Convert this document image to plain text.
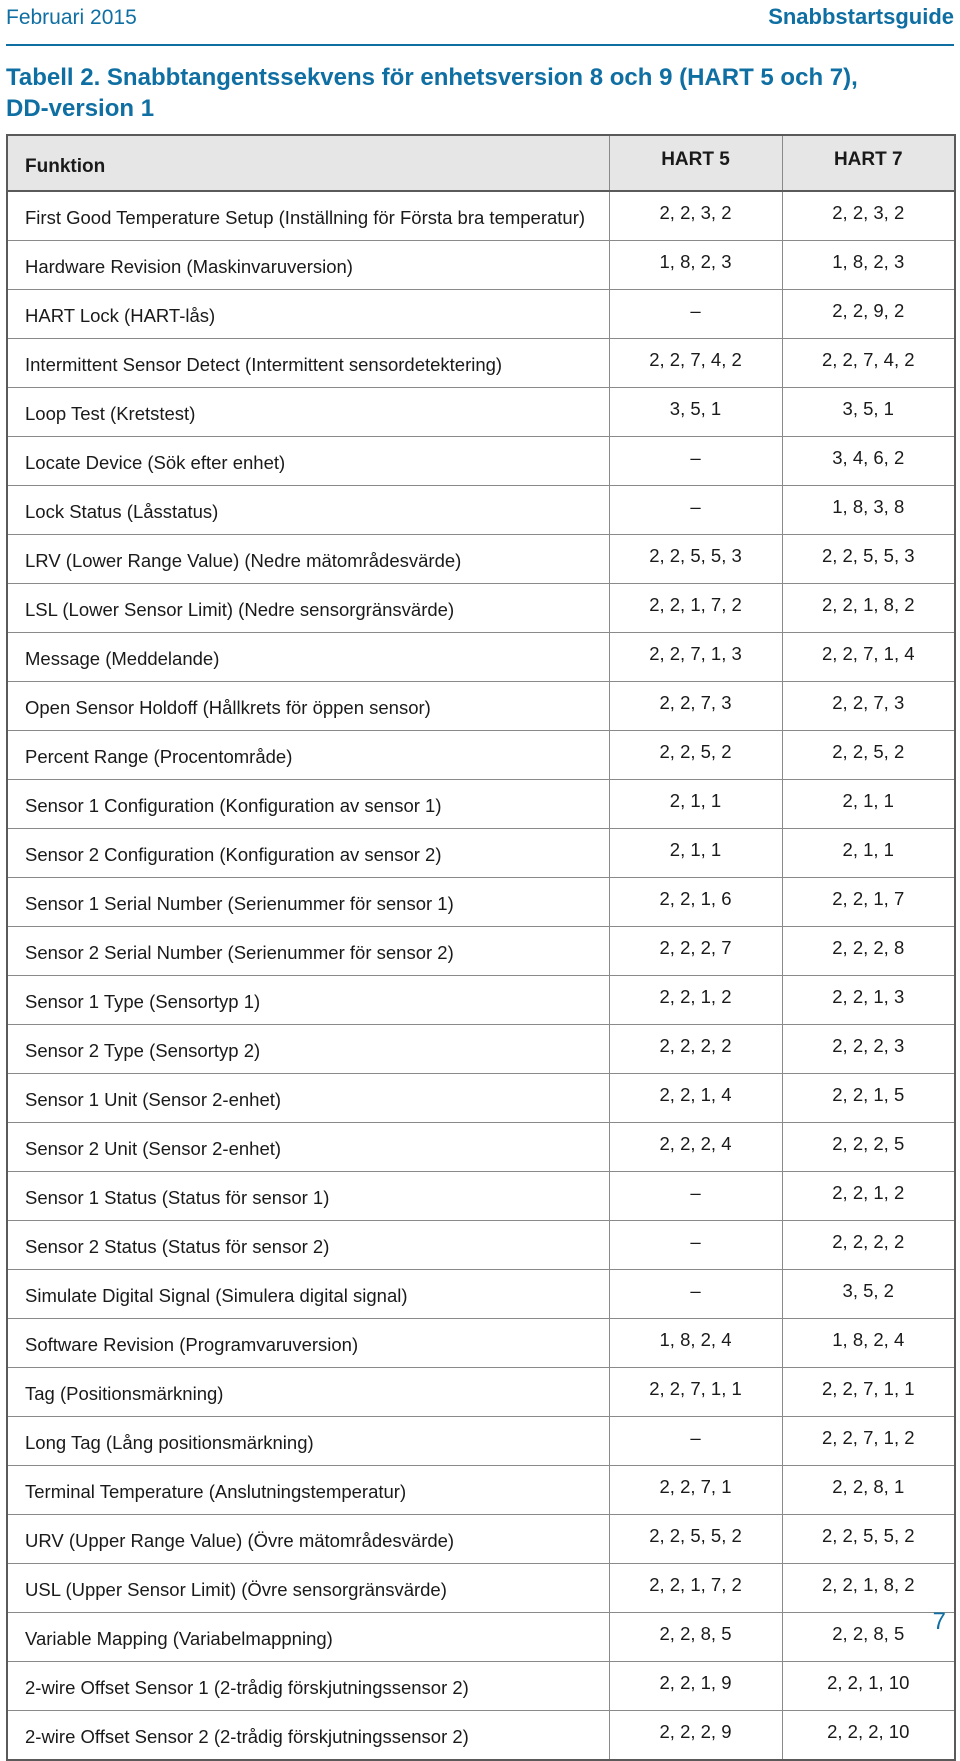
Februari 2015	Snabbstartsguide
Tabell 2. Snabbtangentssekvens för enhetsversion 8 och 9 (HART 5 och 7), DD-version 1
Funktion	HART 5	HART 7
First Good Temperature Setup (Inställning för Första bra temperatur)	2, 2, 3, 2	2, 2, 3, 2
Hardware Revision (Maskinvaruversion)	1, 8, 2, 3	1, 8, 2, 3
HART Lock (HART-lås)	–	2, 2, 9, 2
Intermittent Sensor Detect (Intermittent sensordetektering)	2, 2, 7, 4, 2	2, 2, 7, 4, 2
Loop Test (Kretstest)	3, 5, 1	3, 5, 1
Locate Device (Sök efter enhet)	–	3, 4, 6, 2
Lock Status (Låsstatus)	–	1, 8, 3, 8
LRV (Lower Range Value) (Nedre mätområdesvärde)	2, 2, 5, 5, 3	2, 2, 5, 5, 3
LSL (Lower Sensor Limit) (Nedre sensorgränsvärde)	2, 2, 1, 7, 2	2, 2, 1, 8, 2
Message (Meddelande)	2, 2, 7, 1, 3	2, 2, 7, 1, 4
Open Sensor Holdoff (Hållkrets för öppen sensor)	2, 2, 7, 3	2, 2, 7, 3
Percent Range (Procentområde)	2, 2, 5, 2	2, 2, 5, 2
Sensor 1 Configuration (Konfiguration av sensor 1)	2, 1, 1	2, 1, 1
Sensor 2 Configuration (Konfiguration av sensor 2)	2, 1, 1	2, 1, 1
Sensor 1 Serial Number (Serienummer för sensor 1)	2, 2, 1, 6	2, 2, 1, 7
Sensor 2 Serial Number (Serienummer för sensor 2)	2, 2, 2, 7	2, 2, 2, 8
Sensor 1 Type (Sensortyp 1)	2, 2, 1, 2	2, 2, 1, 3
Sensor 2 Type (Sensortyp 2)	2, 2, 2, 2	2, 2, 2, 3
Sensor 1 Unit (Sensor 2-enhet)	2, 2, 1, 4	2, 2, 1, 5
Sensor 2 Unit (Sensor 2-enhet)	2, 2, 2, 4	2, 2, 2, 5
Sensor 1 Status (Status för sensor 1)	–	2, 2, 1, 2
Sensor 2 Status (Status för sensor 2)	–	2, 2, 2, 2
Simulate Digital Signal (Simulera digital signal)	–	3, 5, 2
Software Revision (Programvaruversion)	1, 8, 2, 4	1, 8, 2, 4
Tag (Positionsmärkning)	2, 2, 7, 1, 1	2, 2, 7, 1, 1
Long Tag (Lång positionsmärkning)	–	2, 2, 7, 1, 2
Terminal Temperature (Anslutningstemperatur)	2, 2, 7, 1	2, 2, 8, 1
URV (Upper Range Value) (Övre mätområdesvärde)	2, 2, 5, 5, 2	2, 2, 5, 5, 2
USL (Upper Sensor Limit) (Övre sensorgränsvärde)	2, 2, 1, 7, 2	2, 2, 1, 8, 2
Variable Mapping (Variabelmappning)	2, 2, 8, 5	2, 2, 8, 5
2-wire Offset Sensor 1 (2-trådig förskjutningssensor 2)	2, 2, 1, 9	2, 2, 1, 10
2-wire Offset Sensor 2 (2-trådig förskjutningssensor 2)	2, 2, 2, 9	2, 2, 2, 10
7
